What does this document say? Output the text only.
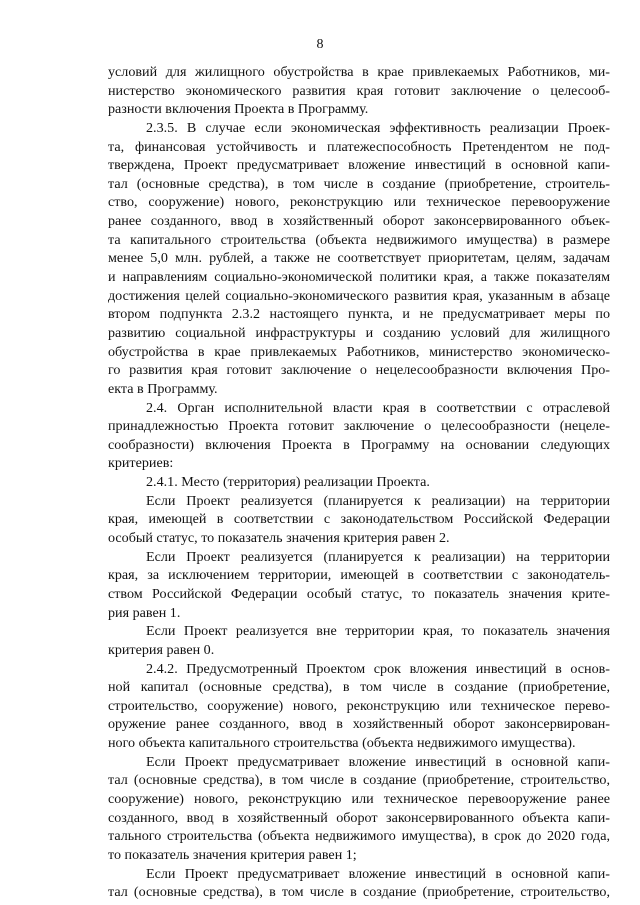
8
условий для жилищного обустройства в крае привлекаемых Работников, ми-
нистерство экономического развития края готовит заключение о целесооб-
разности включения Проекта в Программу.
2.3.5. В случае если экономическая эффективность реализации Проек-
та, финансовая устойчивость и платежеспособность Претендентом не под-
тверждена, Проект предусматривает вложение инвестиций в основной капи-
тал (основные средства), в том числе в создание (приобретение, строитель-
ство, сооружение) нового, реконструкцию или техническое перевооружение
ранее созданного, ввод в хозяйственный оборот законсервированного объек-
та капитального строительства (объекта недвижимого имущества) в размере
менее 5,0 млн. рублей, а также не соответствует приоритетам, целям, задачам
и направлениям социально-экономической политики края, а также показателям
достижения целей социально-экономического развития края, указанным в абзаце
втором подпункта 2.3.2 настоящего пункта, и не предусматривает меры по
развитию социальной инфраструктуры и созданию условий для жилищного
обустройства в крае привлекаемых Работников, министерство экономическо-
го развития края готовит заключение о нецелесообразности включения Про-
екта в Программу.
2.4. Орган исполнительной власти края в соответствии с отраслевой
принадлежностью Проекта готовит заключение о целесообразности (нецеле-
сообразности) включения Проекта в Программу на основании следующих
критериев:
2.4.1. Место (территория) реализации Проекта.
Если Проект реализуется (планируется к реализации) на территории
края, имеющей в соответствии с законодательством Российской Федерации
особый статус, то показатель значения критерия равен 2.
Если Проект реализуется (планируется к реализации) на территории
края, за исключением территории, имеющей в соответствии с законодатель-
ством Российской Федерации особый статус, то показатель значения крите-
рия равен 1.
Если Проект реализуется вне территории края, то показатель значения
критерия равен 0.
2.4.2. Предусмотренный Проектом срок вложения инвестиций в основ-
ной капитал (основные средства), в том числе в создание (приобретение,
строительство, сооружение) нового, реконструкцию или техническое перево-
оружение ранее созданного, ввод в хозяйственный оборот законсервирован-
ного объекта капитального строительства (объекта недвижимого имущества).
Если Проект предусматривает вложение инвестиций в основной капи-
тал (основные средства), в том числе в создание (приобретение, строительство,
сооружение) нового, реконструкцию или техническое перевооружение ранее
созданного, ввод в хозяйственный оборот законсервированного объекта капи-
тального строительства (объекта недвижимого имущества), в срок до 2020 года,
то показатель значения критерия равен 1;
Если Проект предусматривает вложение инвестиций в основной капи-
тал (основные средства), в том числе в создание (приобретение, строительство,
